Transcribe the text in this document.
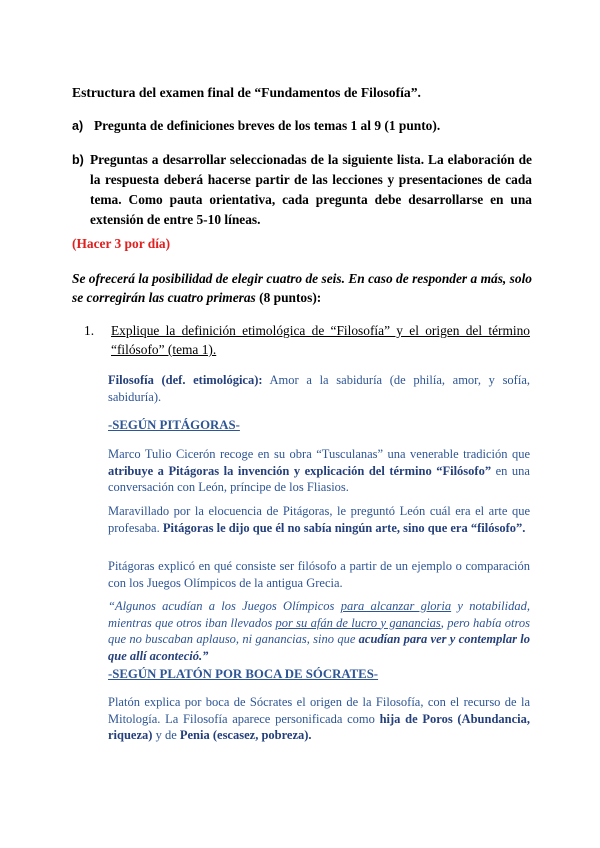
Estructura del examen final de “Fundamentos de Filosofía”.
a) Pregunta de definiciones breves de los temas 1 al 9 (1 punto).
b) Preguntas a desarrollar seleccionadas de la siguiente lista. La elaboración de la respuesta deberá hacerse partir de las lecciones y presentaciones de cada tema. Como pauta orientativa, cada pregunta debe desarrollarse en una extensión de entre 5-10 líneas.
(Hacer 3 por día)
Se ofrecerá la posibilidad de elegir cuatro de seis. En caso de responder a más, solo se corregirán las cuatro primeras (8 puntos):
1. Explique la definición etimológica de “Filosofía” y el origen del término “filósofo” (tema 1).
Filosofía (def. etimológica): Amor a la sabiduría (de philía, amor, y sofía, sabiduría).
-SEGÚN PITÁGORAS-
Marco Tulio Cicerón recoge en su obra “Tusculanas” una venerable tradición que atribuye a Pitágoras la invención y explicación del término “Filósofo” en una conversación con León, príncipe de los Fliasios.
Maravillado por la elocuencia de Pitágoras, le preguntó León cuál era el arte que profesaba. Pitágoras le dijo que él no sabía ningún arte, sino que era “filósofo”.
Pitágoras explicó en qué consiste ser filósofo a partir de un ejemplo o comparación con los Juegos Olímpicos de la antigua Grecia.
“Algunos acudían a los Juegos Olímpicos para alcanzar gloria y notabilidad, mientras que otros iban llevados por su afán de lucro y ganancias, pero había otros que no buscaban aplauso, ni ganancias, sino que acudían para ver y contemplar lo que allí aconteció.”
-SEGÚN PLATÓN POR BOCA DE SÓCRATES-
Platón explica por boca de Sócrates el origen de la Filosofía, con el recurso de la Mitología. La Filosofía aparece personificada como hija de Poros (Abundancia, riqueza) y de Penia (escasez, pobreza).
